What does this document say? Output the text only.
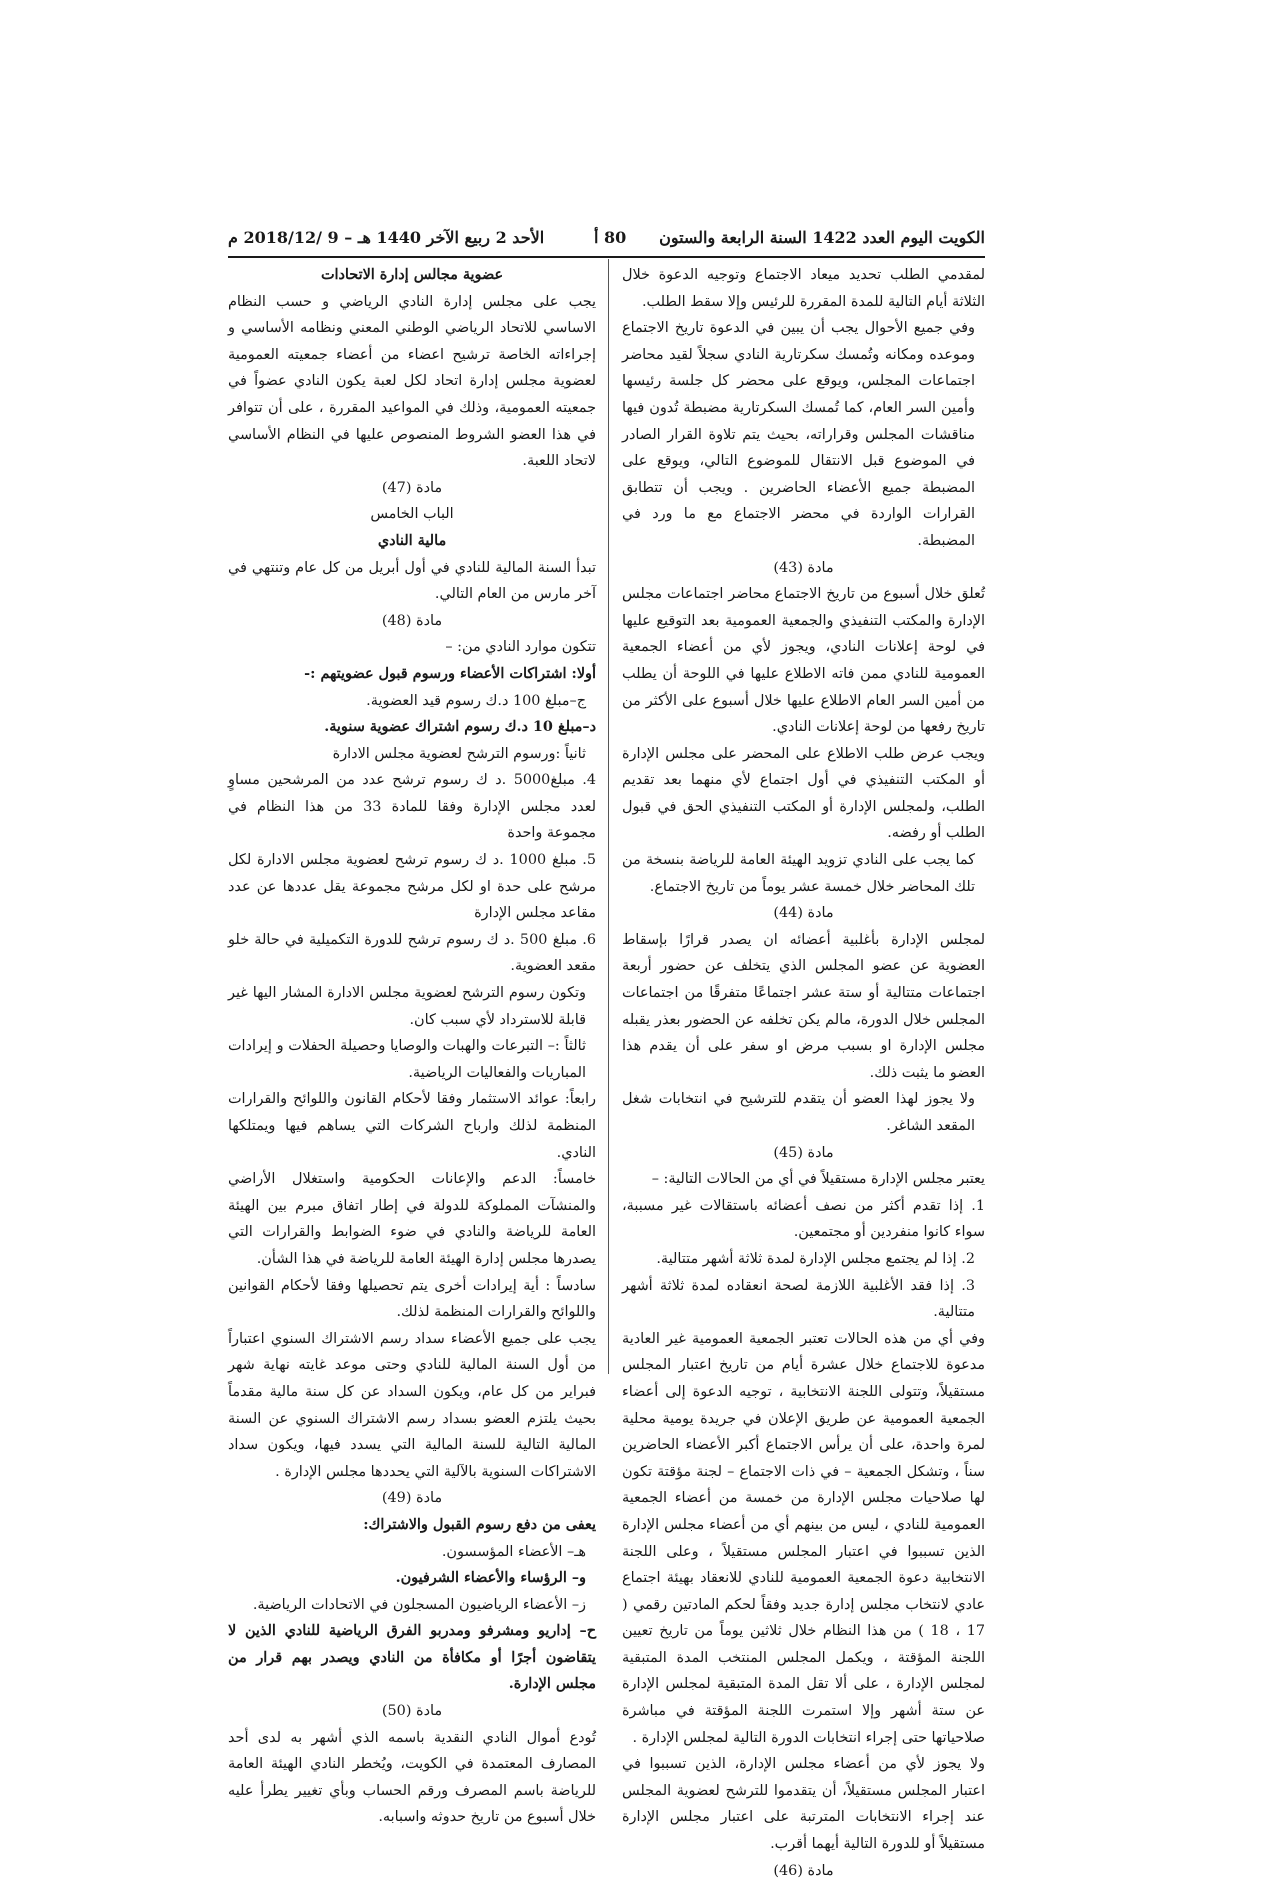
الكويت اليوم العدد 1422 السنة الرابعة والستون
80 أ
الأحد 2 ربيع الآخر 1440 هـ – 9 /2018/12 م

لمقدمي الطلب تحديد ميعاد الاجتماع وتوجيه الدعوة خلال الثلاثة أيام التالية للمدة المقررة للرئيس وإلا سقط الطلب.

وفي جميع الأحوال يجب أن يبين في الدعوة تاريخ الاجتماع وموعده ومكانه وتُمسك سكرتارية النادي سجلاً لقيد محاضر اجتماعات المجلس، ويوقع على محضر كل جلسة رئيسها وأمين السر العام، كما تُمسك السكرتارية مضبطة تُدون فيها مناقشات المجلس وقراراته، بحيث يتم تلاوة القرار الصادر في الموضوع قبل الانتقال للموضوع التالي، ويوقع على المضبطة جميع الأعضاء الحاضرين . ويجب أن تتطابق القرارات الواردة في محضر الاجتماع مع ما ورد في المضبطة.

مادة (43)

تُعلق خلال أسبوع من تاريخ الاجتماع محاضر اجتماعات مجلس الإدارة والمكتب التنفيذي والجمعية العمومية بعد التوقيع عليها في لوحة إعلانات النادي، ويجوز لأي من أعضاء الجمعية العمومية للنادي ممن فاته الاطلاع عليها في اللوحة أن يطلب من أمين السر العام الاطلاع عليها خلال أسبوع على الأكثر من تاريخ رفعها من لوحة إعلانات النادي.

ويجب عرض طلب الاطلاع على المحضر على مجلس الإدارة أو المكتب التنفيذي في أول اجتماع لأي منهما بعد تقديم الطلب، ولمجلس الإدارة أو المكتب التنفيذي الحق في قبول الطلب أو رفضه.

كما يجب على النادي تزويد الهيئة العامة للرياضة بنسخة من تلك المحاضر خلال خمسة عشر يوماً من تاريخ الاجتماع.

مادة (44)

لمجلس الإدارة بأغلبية أعضائه ان يصدر قرارًا بإسقاط العضوية عن عضو المجلس الذي يتخلف عن حضور أربعة اجتماعات متتالية أو ستة عشر اجتماعًا متفرقًا من اجتماعات المجلس خلال الدورة، مالم يكن تخلفه عن الحضور بعذر يقبله مجلس الإدارة او بسبب مرض او سفر على أن يقدم هذا العضو ما يثبت ذلك.

ولا يجوز لهذا العضو أن يتقدم للترشيح في انتخابات شغل المقعد الشاغر.

مادة (45)

يعتبر مجلس الإدارة مستقيلاً في أي من الحالات التالية: –

1. إذا تقدم أكثر من نصف أعضائه باستقالات غير مسببة، سواء كانوا منفردين أو مجتمعين.

2. إذا لم يجتمع مجلس الإدارة لمدة ثلاثة أشهر متتالية.

3. إذا فقد الأغلبية اللازمة لصحة انعقاده لمدة ثلاثة أشهر متتالية.

وفي أي من هذه الحالات تعتبر الجمعية العمومية غير العادية مدعوة للاجتماع خلال عشرة أيام من تاريخ اعتبار المجلس مستقيلاً، وتتولى اللجنة الانتخابية ، توجيه الدعوة إلى أعضاء الجمعية العمومية عن طريق الإعلان في جريدة يومية محلية لمرة واحدة، على أن يرأس الاجتماع أكبر الأعضاء الحاضرين سناً ، وتشكل الجمعية – في ذات الاجتماع – لجنة مؤقتة تكون لها صلاحيات مجلس الإدارة من خمسة من أعضاء الجمعية العمومية للنادي ، ليس من بينهم أي من أعضاء مجلس الإدارة الذين تسببوا في اعتبار المجلس مستقيلاً ، وعلى اللجنة الانتخابية دعوة الجمعية العمومية للنادي للانعقاد بهيئة اجتماع عادي لانتخاب مجلس إدارة جديد وفقاً لحكم المادتين رقمي ( 17 ، 18 ) من هذا النظام خلال ثلاثين يوماً من تاريخ تعيين اللجنة المؤقتة ، ويكمل المجلس المنتخب المدة المتبقية لمجلس الإدارة ، على ألا تقل المدة المتبقية لمجلس الإدارة عن ستة أشهر وإلا استمرت اللجنة المؤقتة في مباشرة صلاحياتها حتى إجراء انتخابات الدورة التالية لمجلس الإدارة .

ولا يجوز لأي من أعضاء مجلس الإدارة، الذين تسببوا في اعتبار المجلس مستقيلاً، أن يتقدموا للترشح لعضوية المجلس عند إجراء الانتخابات المترتبة على اعتبار مجلس الإدارة مستقيلاً أو للدورة التالية أيهما أقرب.

مادة (46)

عضوية مجالس إدارة الاتحادات

يجب على مجلس إدارة النادي الرياضي و حسب النظام الاساسي للاتحاد الرياضي الوطني المعني ونظامه الأساسي و إجراءاته الخاصة ترشيح اعضاء من أعضاء جمعيته العمومية لعضوية مجلس إدارة اتحاد لكل لعبة يكون النادي عضواً في جمعيته العمومية، وذلك في المواعيد المقررة ، على أن تتوافر في هذا العضو الشروط المنصوص عليها في النظام الأساسي لاتحاد اللعبة.

مادة (47)

الباب الخامس

مالية النادي

تبدأ السنة المالية للنادي في أول أبريل من كل عام وتنتهي في آخر مارس من العام التالي.

مادة (48)

تتكون موارد النادي من: –

أولا: اشتراكات الأعضاء ورسوم قبول عضويتهم :-

ج–مبلغ 100 د.ك رسوم قيد العضوية.

د–مبلغ 10 د.ك رسوم اشتراك عضوية سنوية.

ثانياً :ورسوم الترشح لعضوية مجلس الادارة

4. مبلغ5000 .د ك رسوم ترشح عدد من المرشحين مساوٍ لعدد مجلس الإدارة وفقا للمادة 33 من هذا النظام في مجموعة واحدة

5. مبلغ 1000 .د ك رسوم ترشح لعضوية مجلس الادارة لكل مرشح على حدة او لكل مرشح مجموعة يقل عددها عن عدد مقاعد مجلس الإدارة

6. مبلغ 500 .د ك رسوم ترشح للدورة التكميلية في حالة خلو مقعد العضوية.

وتكون رسوم الترشح لعضوية مجلس الادارة المشار اليها غير قابلة للاسترداد لأي سبب كان.

ثالثاً :– التبرعات والهبات والوصايا وحصيلة الحفلات و إيرادات المباريات والفعاليات الرياضية.

رابعاً: عوائد الاستثمار وفقا لأحكام القانون واللوائح والقرارات المنظمة لذلك وارباح الشركات التي يساهم فيها ويمتلكها النادي.

خامساً: الدعم والإعانات الحكومية واستغلال الأراضي والمنشآت المملوكة للدولة في إطار اتفاق مبرم بين الهيئة العامة للرياضة والنادي في ضوء الضوابط والقرارات التي يصدرها مجلس إدارة الهيئة العامة للرياضة في هذا الشأن.

سادساً : أية إيرادات أخرى يتم تحصيلها وفقا لأحكام القوانين واللوائح والقرارات المنظمة لذلك.

يجب على جميع الأعضاء سداد رسم الاشتراك السنوي اعتباراً من أول السنة المالية للنادي وحتى موعد غايته نهاية شهر فبراير من كل عام، ويكون السداد عن كل سنة مالية مقدماً بحيث يلتزم العضو بسداد رسم الاشتراك السنوي عن السنة المالية التالية للسنة المالية التي يسدد فيها، ويكون سداد الاشتراكات السنوية بالآلية التي يحددها مجلس الإدارة .

مادة (49)

يعفى من دفع رسوم القبول والاشتراك:

هـ– الأعضاء المؤسسون.

و– الرؤساء والأعضاء الشرفيون.

ز– الأعضاء الرياضيون المسجلون في الاتحادات الرياضية.

ح– إداريو ومشرفو ومدربو الفرق الرياضية للنادي الذين لا يتقاضون أجرًا أو مكافأة من النادي ويصدر بهم قرار من مجلس الإدارة.

مادة (50)

تُودع أموال النادي النقدية باسمه الذي أشهر به لدى أحد المصارف المعتمدة في الكويت، ويُخطر النادي الهيئة العامة للرياضة باسم المصرف ورقم الحساب وبأي تغيير يطرأ عليه خلال أسبوع من تاريخ حدوثه واسبابه.
